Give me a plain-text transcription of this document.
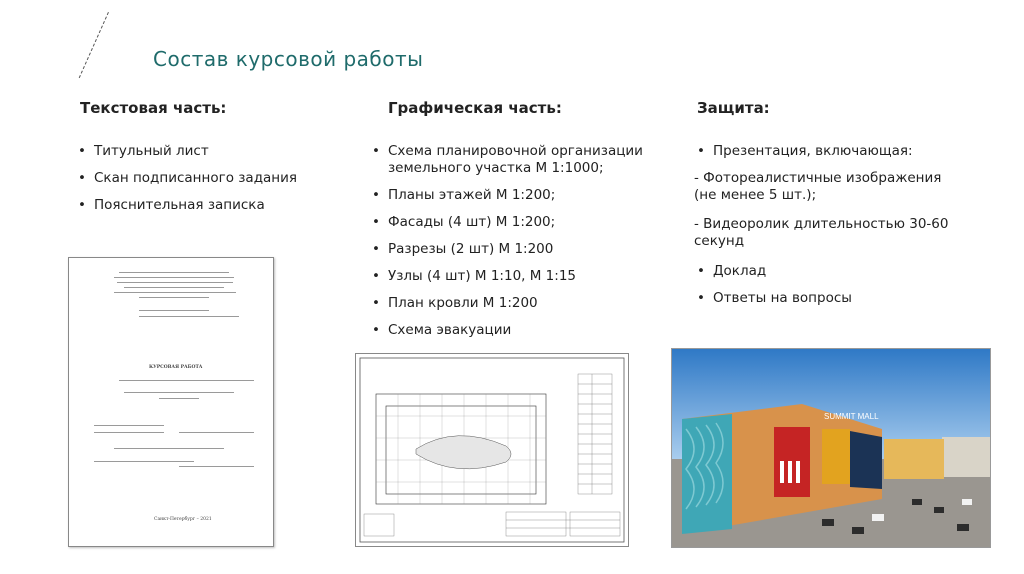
Состав курсовой работы
Текстовая часть:
• Титульный лист
• Скан подписанного задания
• Пояснительная записка
Графическая часть:
• Схема планировочной организации земельного участка М 1:1000;
• Планы этажей М 1:200;
• Фасады (4 шт) М 1:200;
• Разрезы (2 шт) М 1:200
• Узлы (4 шт) М 1:10, М 1:15
• План кровли М 1:200
• Схема эвакуации
Защита:
• Презентация, включающая:

- Фотореалистичные изображения (не менее 5 шт.);

- Видеоролик длительностью 30-60 секунд

• Доклад
• Ответы на вопросы
КУРСОВАЯ РАБОТА
Санкт-Петербург – 2021
SUMMIT MALL
